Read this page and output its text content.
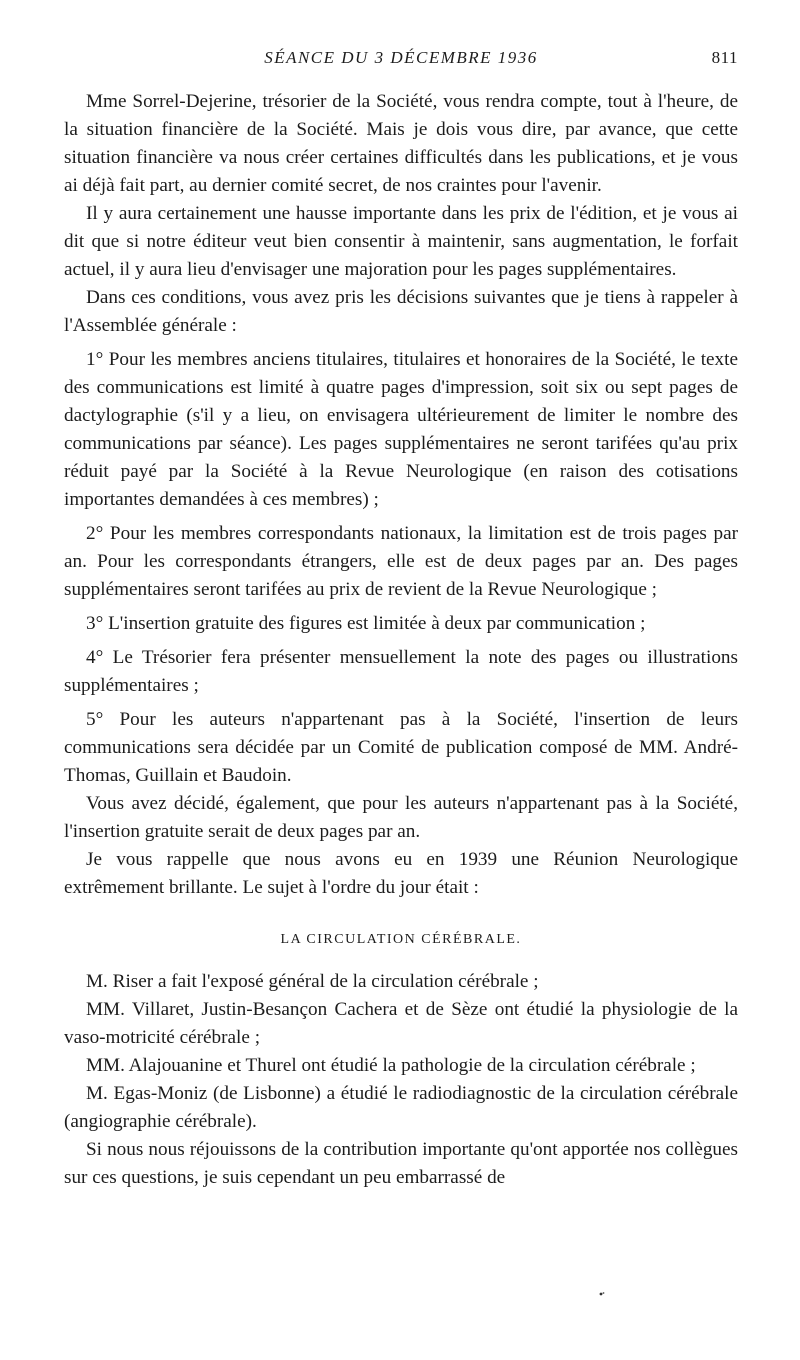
SÉANCE DU 3 DÉCEMBRE 1936	811

Mme Sorrel-Dejerine, trésorier de la Société, vous rendra compte, tout à l'heure, de la situation financière de la Société. Mais je dois vous dire, par avance, que cette situation financière va nous créer certaines difficultés dans les publications, et je vous ai déjà fait part, au dernier comité secret, de nos craintes pour l'avenir.

Il y aura certainement une hausse importante dans les prix de l'édition, et je vous ai dit que si notre éditeur veut bien consentir à maintenir, sans augmentation, le forfait actuel, il y aura lieu d'envisager une majoration pour les pages supplémentaires.

Dans ces conditions, vous avez pris les décisions suivantes que je tiens à rappeler à l'Assemblée générale :

1° Pour les membres anciens titulaires, titulaires et honoraires de la Société, le texte des communications est limité à quatre pages d'impression, soit six ou sept pages de dactylographie (s'il y a lieu, on envisagera ultérieurement de limiter le nombre des communications par séance). Les pages supplémentaires ne seront tarifées qu'au prix réduit payé par la Société à la Revue Neurologique (en raison des cotisations importantes demandées à ces membres) ;

2° Pour les membres correspondants nationaux, la limitation est de trois pages par an. Pour les correspondants étrangers, elle est de deux pages par an. Des pages supplémentaires seront tarifées au prix de revient de la Revue Neurologique ;

3° L'insertion gratuite des figures est limitée à deux par communication ;

4° Le Trésorier fera présenter mensuellement la note des pages ou illustrations supplémentaires ;

5° Pour les auteurs n'appartenant pas à la Société, l'insertion de leurs communications sera décidée par un Comité de publication composé de MM. André-Thomas, Guillain et Baudoin.

Vous avez décidé, également, que pour les auteurs n'appartenant pas à la Société, l'insertion gratuite serait de deux pages par an.

Je vous rappelle que nous avons eu en 1939 une Réunion Neurologique extrêmement brillante. Le sujet à l'ordre du jour était :

LA CIRCULATION CÉRÉBRALE.

M. Riser a fait l'exposé général de la circulation cérébrale ;

MM. Villaret, Justin-Besançon Cachera et de Sèze ont étudié la physiologie de la vaso-motricité cérébrale ;

MM. Alajouanine et Thurel ont étudié la pathologie de la circulation cérébrale ;

M. Egas-Moniz (de Lisbonne) a étudié le radiodiagnostic de la circulation cérébrale (angiographie cérébrale).

Si nous nous réjouissons de la contribution importante qu'ont apportée nos collègues sur ces questions, je suis cependant un peu embarrassé de
